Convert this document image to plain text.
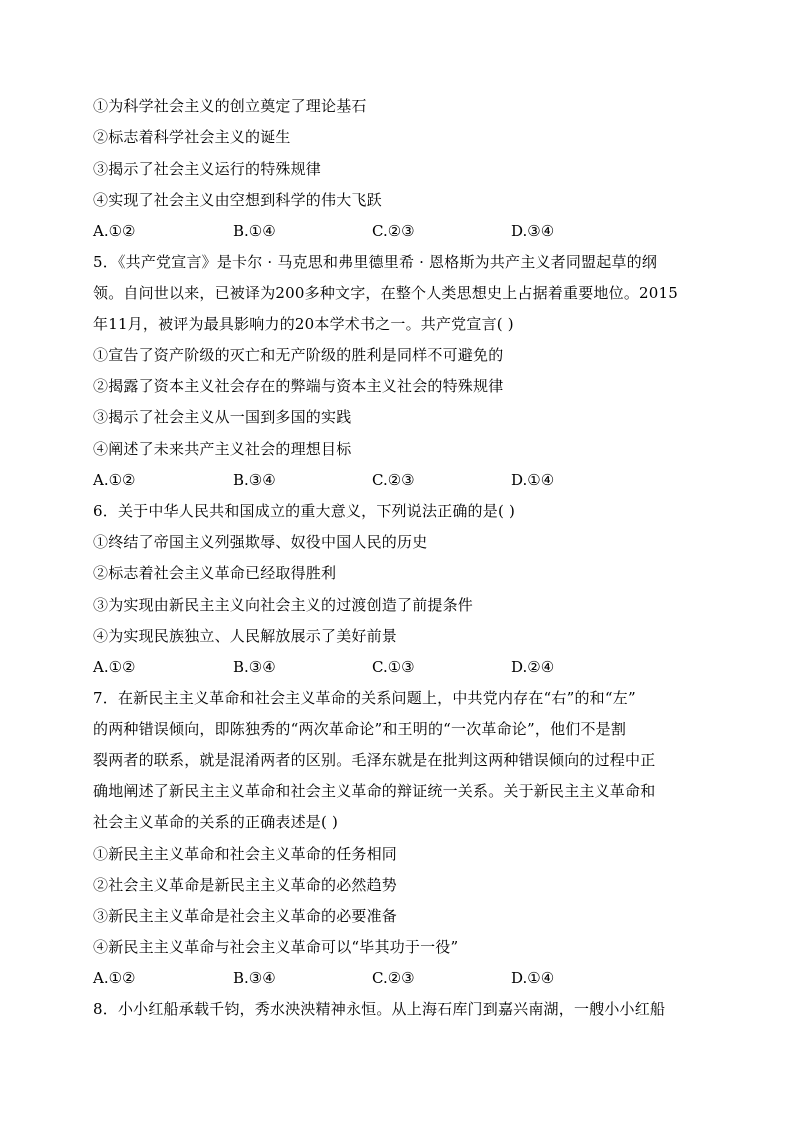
①为科学社会主义的创立奠定了理论基石
②标志着科学社会主义的诞生
③揭示了社会主义运行的特殊规律
④实现了社会主义由空想到科学的伟大飞跃
A.①②	B.①④	C.②③	D.③④
5．《共产党宣言》是卡尔 · 马克思和弗里德里希 · 恩格斯为共产主义者同盟起草的纲
领。自问世以来，已被译为200多种文字，在整个人类思想史上占据着重要地位。2015
年11月，被评为最具影响力的20本学术书之一。共产党宣言( )
①宣告了资产阶级的灭亡和无产阶级的胜利是同样不可避免的
②揭露了资本主义社会存在的弊端与资本主义社会的特殊规律
③揭示了社会主义从一国到多国的实践
④阐述了未来共产主义社会的理想目标
A.①②	B.③④	C.②③	D.①④
6．关于中华人民共和国成立的重大意义，下列说法正确的是( )
①终结了帝国主义列强欺辱、奴役中国人民的历史
②标志着社会主义革命已经取得胜利
③为实现由新民主主义向社会主义的过渡创造了前提条件
④为实现民族独立、人民解放展示了美好前景
A.①②	B.③④	C.①③	D.②④
7．在新民主主义革命和社会主义革命的关系问题上，中共党内存在“右”的和“左”
的两种错误倾向，即陈独秀的“两次革命论”和王明的“一次革命论”，他们不是割
裂两者的联系，就是混淆两者的区别。毛泽东就是在批判这两种错误倾向的过程中正
确地阐述了新民主主义革命和社会主义革命的辩证统一关系。关于新民主主义革命和
社会主义革命的关系的正确表述是( )
①新民主主义革命和社会主义革命的任务相同
②社会主义革命是新民主主义革命的必然趋势
③新民主主义革命是社会主义革命的必要准备
④新民主主义革命与社会主义革命可以“毕其功于一役”
A.①②	B.③④	C.②③	D.①④
8．小小红船承载千钧，秀水泱泱精神永恒。从上海石库门到嘉兴南湖，一艘小小红船
